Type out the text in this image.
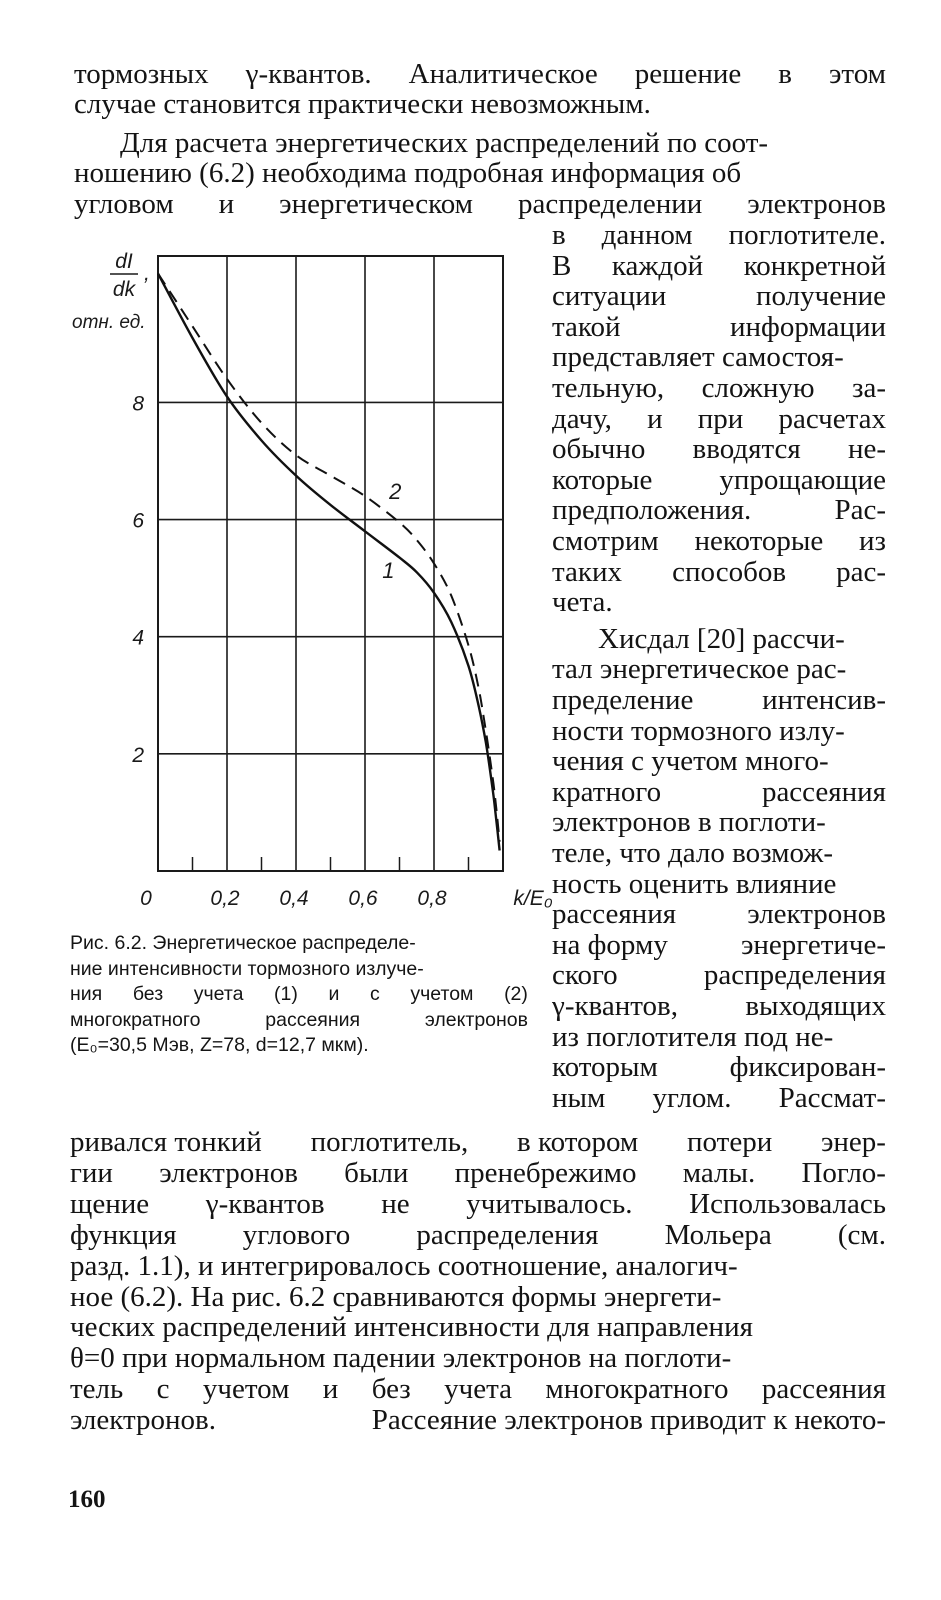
тормозных γ-квантов. Аналитическое решение в этом
случае становится практически невозможным.
Для расчета энергетических распределений по соот-
ношению (6.2) необходима подробная информация об
угловом и энергетическом распределении электронов
0	0,2 0,4 0,6 0,8
2
4
6
8
k/E₀
dI
dk
,
отн. ед.
1
2
Рис. 6.2. Энергетическое распределе-
ние интенсивности тормозного излуче-
ния без учета (1) и с учетом (2)
многократного	рассеяния	электронов
(E₀=30,5 Мэв, Z=78, d=12,7 мкм).
в данном поглотителе.
В каждой конкретной
ситуации	получение
такой	информации
представляет самостоя-
тельную, сложную за-
дачу, и при расчетах
обычно вводятся не-
которые упрощающие
предположения.	Рас-
смотрим некоторые из
таких способов рас-
чета.
Хисдал [20] рассчи-
тал энергетическое рас-
пределение интенсив-
ности тормозного излу-
чения с учетом много-
кратного	рассеяния
электронов в поглоти-
теле, что дало возмож-
ность оценить влияние
рассеяния электронов
на форму	энергетиче-
ского	распределения
γ-квантов, выходящих
из поглотителя под не-
которым фиксирован-
ным углом. Рассмат-
ривался тонкий поглотитель, в котором потери энер-
гии электронов были пренебрежимо малы. Погло-
щение γ-квантов не учитывалось. Использовалась
функция углового распределения Мольера (см.
разд. 1.1), и интегрировалось соотношение, аналогич-
ное (6.2). На рис. 6.2 сравниваются формы энергети-
ческих распределений интенсивности для направления
θ=0 при нормальном падении электронов на поглоти-
тель с учетом и без учета многократного рассеяния
электронов.	Рассеяние электронов приводит к некото-
160
